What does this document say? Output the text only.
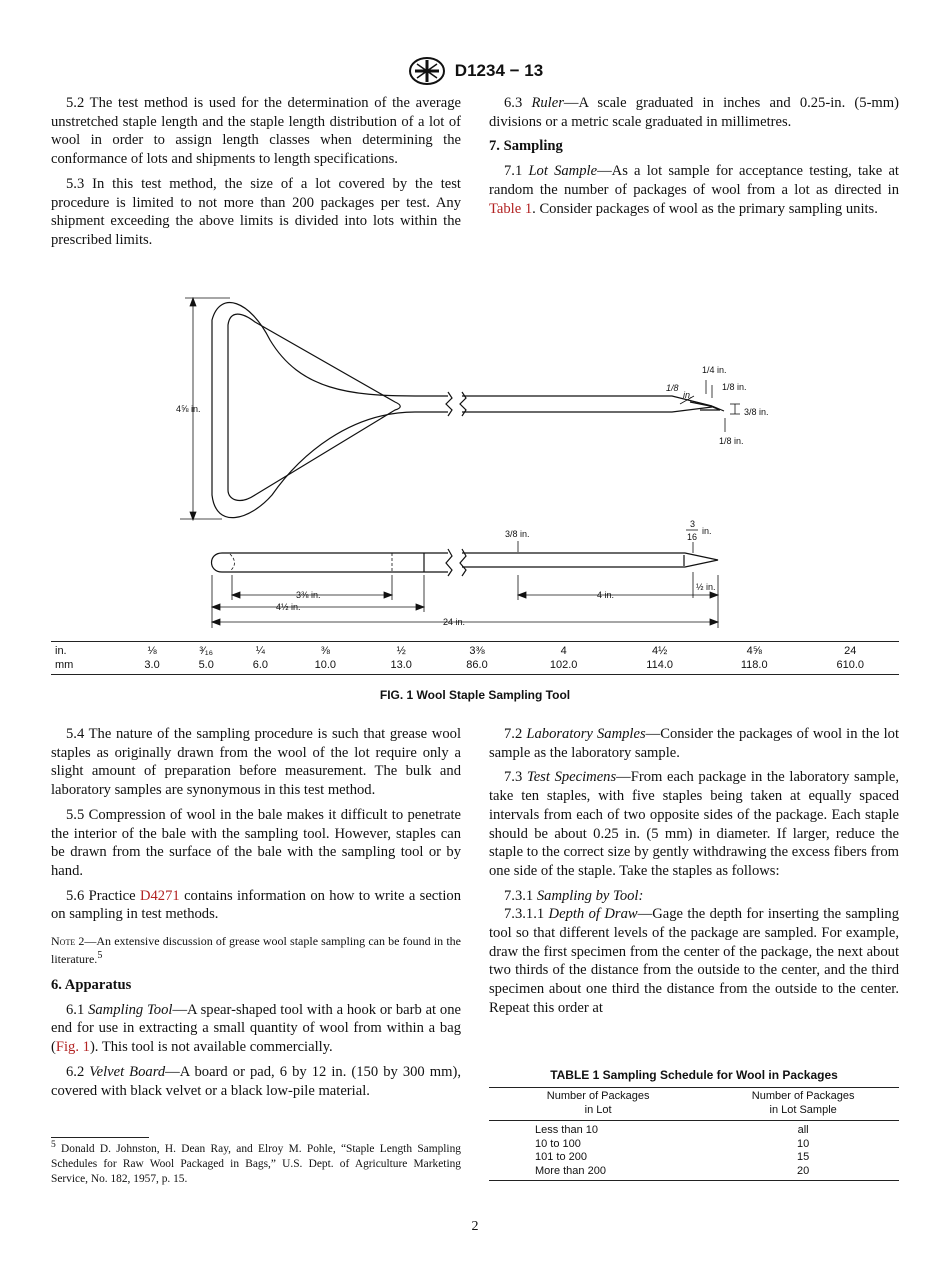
D1234 − 13

5.2 The test method is used for the determination of the average unstretched staple length and the staple length distribution of a lot of wool in order to assign length classes when determining the conformance of lots and shipments to length specifications.

5.3 In this test method, the size of a lot covered by the test procedure is limited to not more than 200 packages per test. Any shipment exceeding the above limits is divided into lots within the prescribed limits.

6.3 Ruler—A scale graduated in inches and 0.25-in. (5-mm) divisions or a metric scale graduated in millimetres.

7. Sampling

7.1 Lot Sample—As a lot sample for acceptance testing, take at random the number of packages of wool from a lot as directed in Table 1. Consider packages of wool as the primary sampling units.

4⅝ in.
1/4 in.
1/8
in.
1/8 in.
3/8 in.
1/8 in.
3/8 in.
3
16
in.
3⅜ in.
4½ in.
24 in.
4 in.
½ in.
in.	⅛	³⁄₁₆	¼	⅜	½	3⅜	4	4½	4⅝	24
mm	3.0	5.0	6.0	10.0	13.0	86.0	102.0	114.0	118.0	610.0
FIG. 1 Wool Staple Sampling Tool

5.4 The nature of the sampling procedure is such that grease wool staples as originally drawn from the wool of the lot require only a slight amount of preparation before measurement. The bulk and laboratory samples are synonymous in this test method.

5.5 Compression of wool in the bale makes it difficult to penetrate the interior of the bale with the sampling tool. However, staples can be drawn from the surface of the bale with the sampling tool or by hand.

5.6 Practice D4271 contains information on how to write a section on sampling in test methods.

Note 2—An extensive discussion of grease wool staple sampling can be found in the literature.$^5$

6. Apparatus

6.1 Sampling Tool—A spear-shaped tool with a hook or barb at one end for use in extracting a small quantity of wool from within a bag (Fig. 1). This tool is not available commercially.

6.2 Velvet Board—A board or pad, 6 by 12 in. (150 by 300 mm), covered with black velvet or a black low-pile material.

7.2 Laboratory Samples—Consider the packages of wool in the lot sample as the laboratory sample.

7.3 Test Specimens—From each package in the laboratory sample, take ten staples, with five staples being taken at equally spaced intervals from each of two opposite sides of the package. Each staple should be about 0.25 in. (5 mm) in diameter. If larger, reduce the staple to the correct size by gently withdrawing the excess fibers from one side of the staple. Take the staples as follows:

7.3.1 Sampling by Tool:

7.3.1.1 Depth of Draw—Gage the depth for inserting the sampling tool so that different levels of the package are sampled. For example, draw the first specimen from the center of the package, the next about two thirds of the distance from the outside to the center, and the third specimen about one third the distance from the outside to the center. Repeat this order at

TABLE 1 Sampling Schedule for Wool in Packages
Number of Packages
in Lot	Number of Packages
in Lot Sample
Less than 10	all
10 to 100	10
101 to 200	15
More than 200	20
$^5$ Donald D. Johnston, H. Dean Ray, and Elroy M. Pohle, “Staple Length Sampling Schedules for Raw Wool Packaged in Bags,” U.S. Dept. of Agriculture Marketing Service, No. 182, 1957, p. 15.
2
